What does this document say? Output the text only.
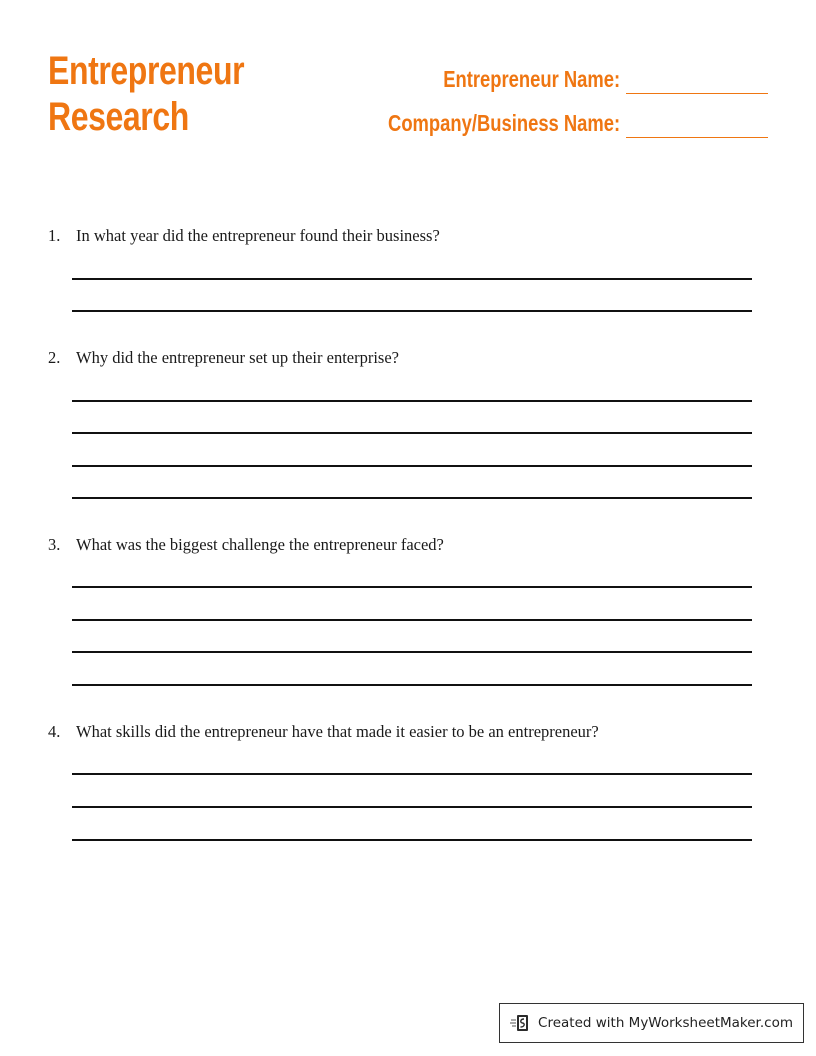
Entrepreneur
Research
Entrepreneur Name:
Company/Business Name:
1. In what year did the entrepreneur found their business?
2. Why did the entrepreneur set up their enterprise?
3. What was the biggest challenge the entrepreneur faced?
4. What skills did the entrepreneur have that made it easier to be an entrepreneur?
Created with MyWorksheetMaker.com
